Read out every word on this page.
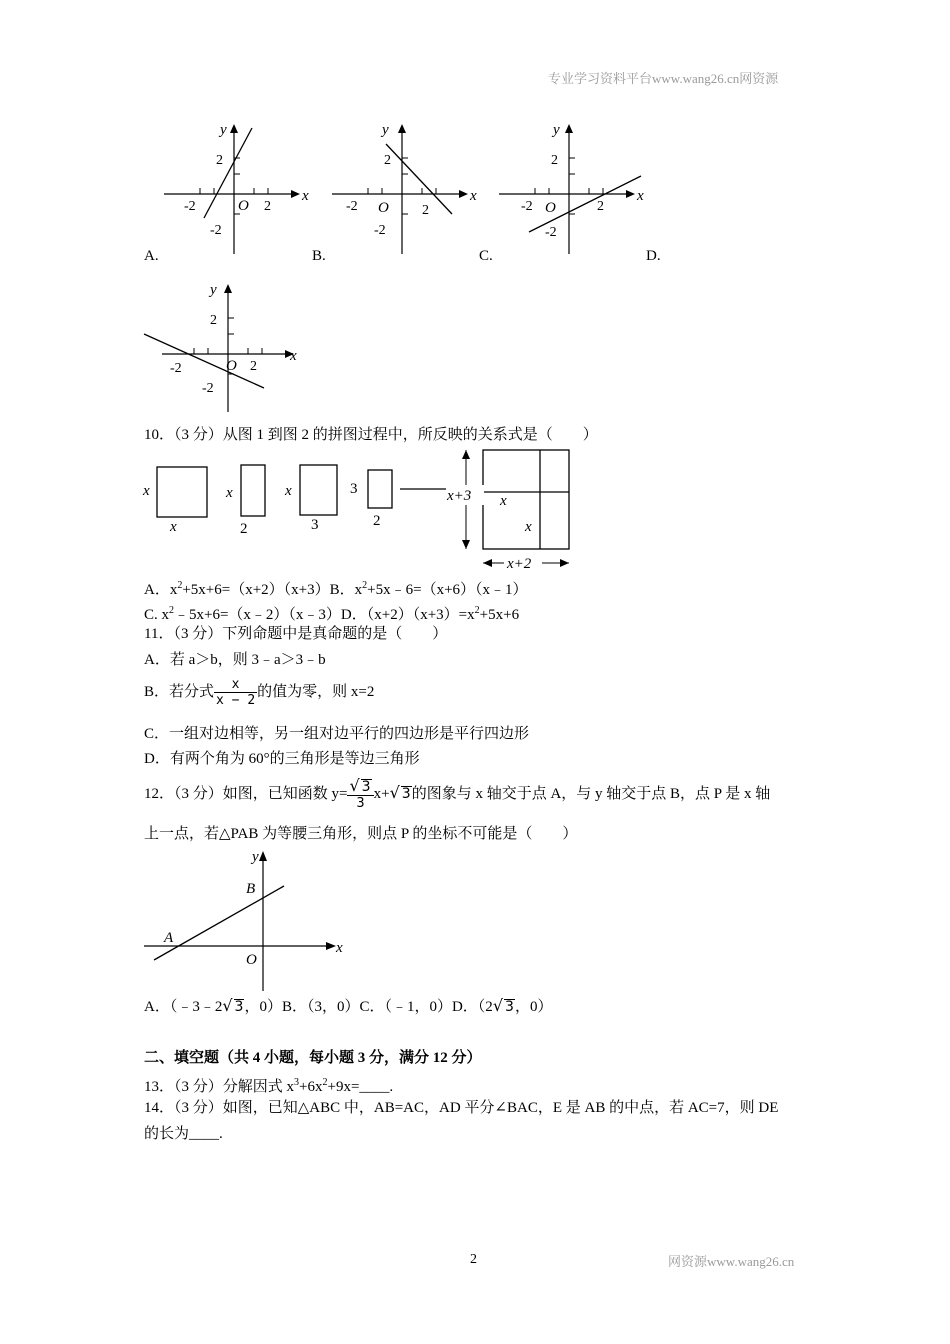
专业学习资料平台www.wang26.cn网资源
y
x
2
-2	O 2
-2
y
x
2
-2 O 2
-2
y
x
2
-2 O	2
-2
A.	B.	C.	D.
y
x
2
-2	O 2
-2
10．（3 分）从图 1 到图 2 的拼图过程中，所反映的关系式是（　　）
x
x
x
2
x
3
3
2
x+3
x+2
x
x
A．$x^2+5x+6=(x+2)(x+3)B$．$x^2+5x﹣6=(x+6)(x﹣1)$
C. $x^2﹣5x+6=(x﹣2)(x﹣3)D$．$(x+2)(x+3)=x^2+5x+6$
11．（3 分）下列命题中是真命题的是（　　）
A．若 a＞b，则 3﹣a＞3﹣b
B．若分式 $\frac{x}{x - 2}$ 的值为零，则 x=2
C．一组对边相等，另一组对边平行的四边形是平行四边形
D．有两个角为 60°的三角形是等边三角形
12．（3 分）如图，已知函数 $y= \frac{√ 3}{3} x+√$ 3的图象与 x 轴交于点 A，与 y 轴交于点 B，点 P 是 x 轴
上一点，若△PAB 为等腰三角形，则点 P 的坐标不可能是（　　）
y
x
O
A
B
A．（﹣3﹣2√ 3，0）B．（3，0）C．（﹣1，0）D．（2√ 3，0）
二、填空题（共 4 小题，每小题 3 分，满分 12 分）
13．（3 分）分解因式 $x^3+6x^2+9x=\_\_\_\_$.
14．（3 分）如图，已知△ABC 中，AB=AC，AD 平分∠BAC，E 是 AB 的中点，若 AC=7，则 DE
的长为____.
2	网资源www.wang26.cn
